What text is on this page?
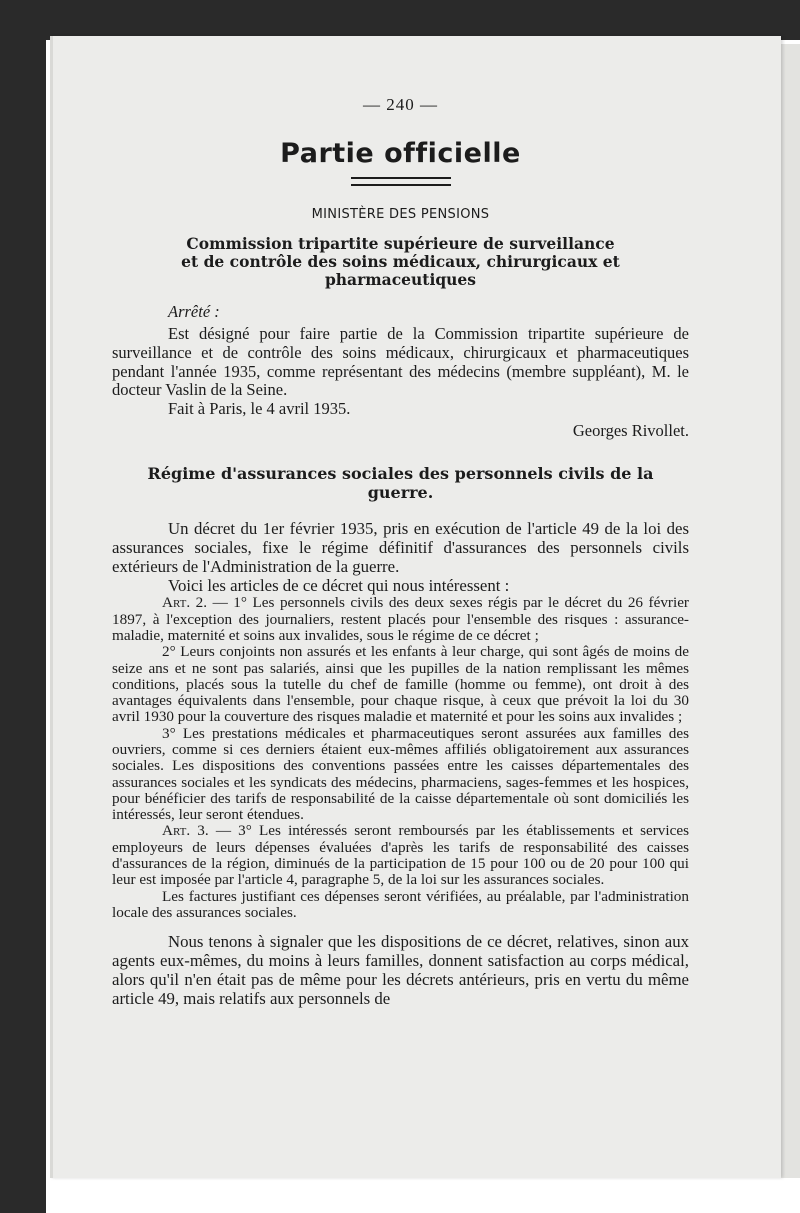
— 240 —
Partie officielle
MINISTÈRE DES PENSIONS
Commission tripartite supérieure de surveillance
et de contrôle des soins médicaux, chirurgicaux et pharmaceutiques
Arrêté :

Est désigné pour faire partie de la Commission tripartite supérieure de surveillance et de contrôle des soins médicaux, chirurgicaux et pharmaceutiques pendant l'année 1935, comme représentant des médecins (membre suppléant), M. le docteur Vaslin de la Seine.

Fait à Paris, le 4 avril 1935.

Georges Rivollet.
Régime d'assurances sociales des personnels civils de la guerre.

Un décret du 1er février 1935, pris en exécution de l'article 49 de la loi des assurances sociales, fixe le régime définitif d'assurances des personnels civils extérieurs de l'Administration de la guerre.

Voici les articles de ce décret qui nous intéressent :

Art. 2. — 1° Les personnels civils des deux sexes régis par le décret du 26 février 1897, à l'exception des journaliers, restent placés pour l'ensemble des risques : assurance-maladie, maternité et soins aux invalides, sous le régime de ce décret ;

2° Leurs conjoints non assurés et les enfants à leur charge, qui sont âgés de moins de seize ans et ne sont pas salariés, ainsi que les pupilles de la nation remplissant les mêmes conditions, placés sous la tutelle du chef de famille (homme ou femme), ont droit à des avantages équivalents dans l'ensemble, pour chaque risque, à ceux que prévoit la loi du 30 avril 1930 pour la couverture des risques maladie et maternité et pour les soins aux invalides ;

3° Les prestations médicales et pharmaceutiques seront assurées aux familles des ouvriers, comme si ces derniers étaient eux-mêmes affiliés obligatoirement aux assurances sociales. Les dispositions des conventions passées entre les caisses départementales des assurances sociales et les syndicats des médecins, pharmaciens, sages-femmes et les hospices, pour bénéficier des tarifs de responsabilité de la caisse départementale où sont domiciliés les intéressés, leur seront étendues.

Art. 3. — 3° Les intéressés seront remboursés par les établissements et services employeurs de leurs dépenses évaluées d'après les tarifs de responsabilité des caisses d'assurances de la région, diminués de la participation de 15 pour 100 ou de 20 pour 100 qui leur est imposée par l'article 4, paragraphe 5, de la loi sur les assurances sociales.

Les factures justifiant ces dépenses seront vérifiées, au préalable, par l'administration locale des assurances sociales.

Nous tenons à signaler que les dispositions de ce décret, relatives, sinon aux agents eux-mêmes, du moins à leurs familles, donnent satisfaction au corps médical, alors qu'il n'en était pas de même pour les décrets antérieurs, pris en vertu du même article 49, mais relatifs aux personnels de
